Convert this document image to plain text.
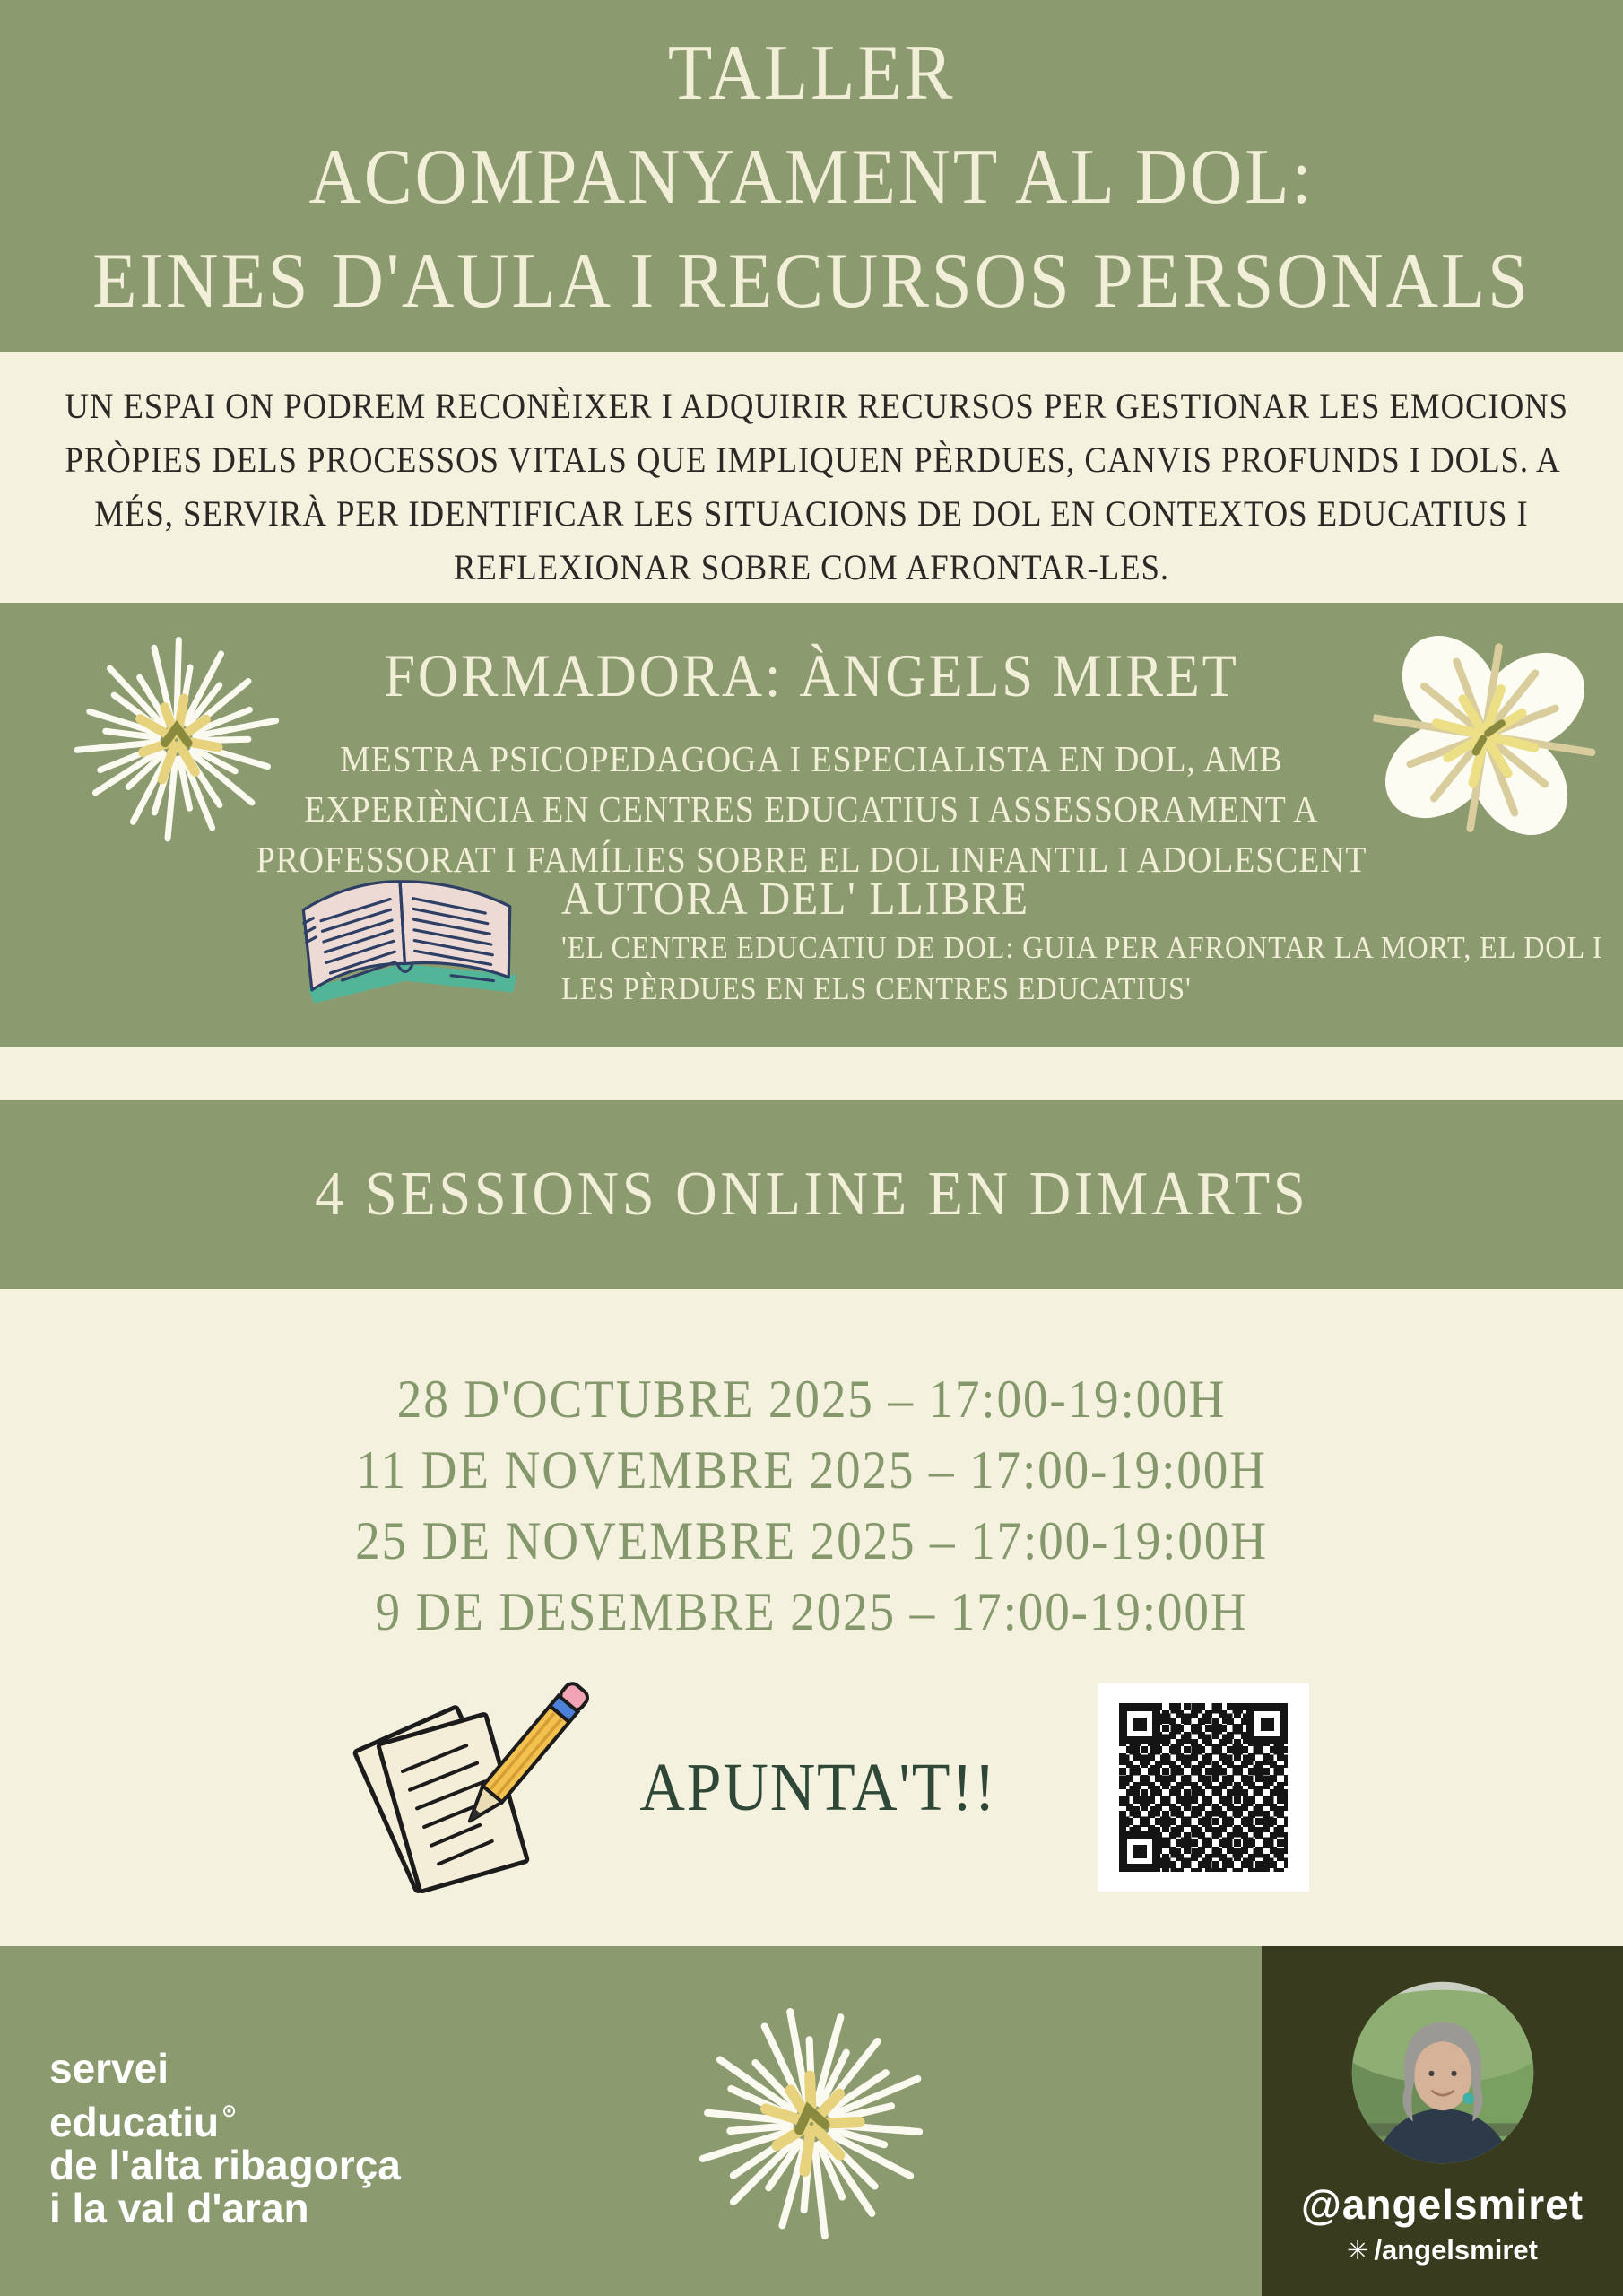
TALLER
ACOMPANYAMENT AL DOL:
EINES D'AULA I RECURSOS PERSONALS
UN ESPAI ON PODREM RECONÈIXER I ADQUIRIR RECURSOS PER GESTIONAR LES EMOCIONS
PRÒPIES DELS PROCESSOS VITALS QUE IMPLIQUEN PÈRDUES, CANVIS PROFUNDS I DOLS. A
MÉS, SERVIRÀ PER IDENTIFICAR LES SITUACIONS DE DOL EN CONTEXTOS EDUCATIUS I
REFLEXIONAR SOBRE COM AFRONTAR-LES.
FORMADORA: ÀNGELS MIRET
MESTRA PSICOPEDAGOGA I ESPECIALISTA EN DOL, AMB
EXPERIÈNCIA EN CENTRES EDUCATIUS I ASSESSORAMENT A
PROFESSORAT I FAMÍLIES SOBRE EL DOL INFANTIL I ADOLESCENT
AUTORA DEL' LLIBRE
'EL CENTRE EDUCATIU DE DOL: GUIA PER AFRONTAR LA MORT, EL DOL I
LES PÈRDUES EN ELS CENTRES EDUCATIUS'
4 SESSIONS ONLINE EN DIMARTS
28 D'OCTUBRE 2025 – 17:00-19:00H
11 DE NOVEMBRE 2025 – 17:00-19:00H
25 DE NOVEMBRE 2025 – 17:00-19:00H
9 DE DESEMBRE 2025 – 17:00-19:00H
APUNTA'T!!
servei
educatiu ⊙
de l'alta ribagorça
i la val d'aran	@angelsmiret
✳ /angelsmiret
